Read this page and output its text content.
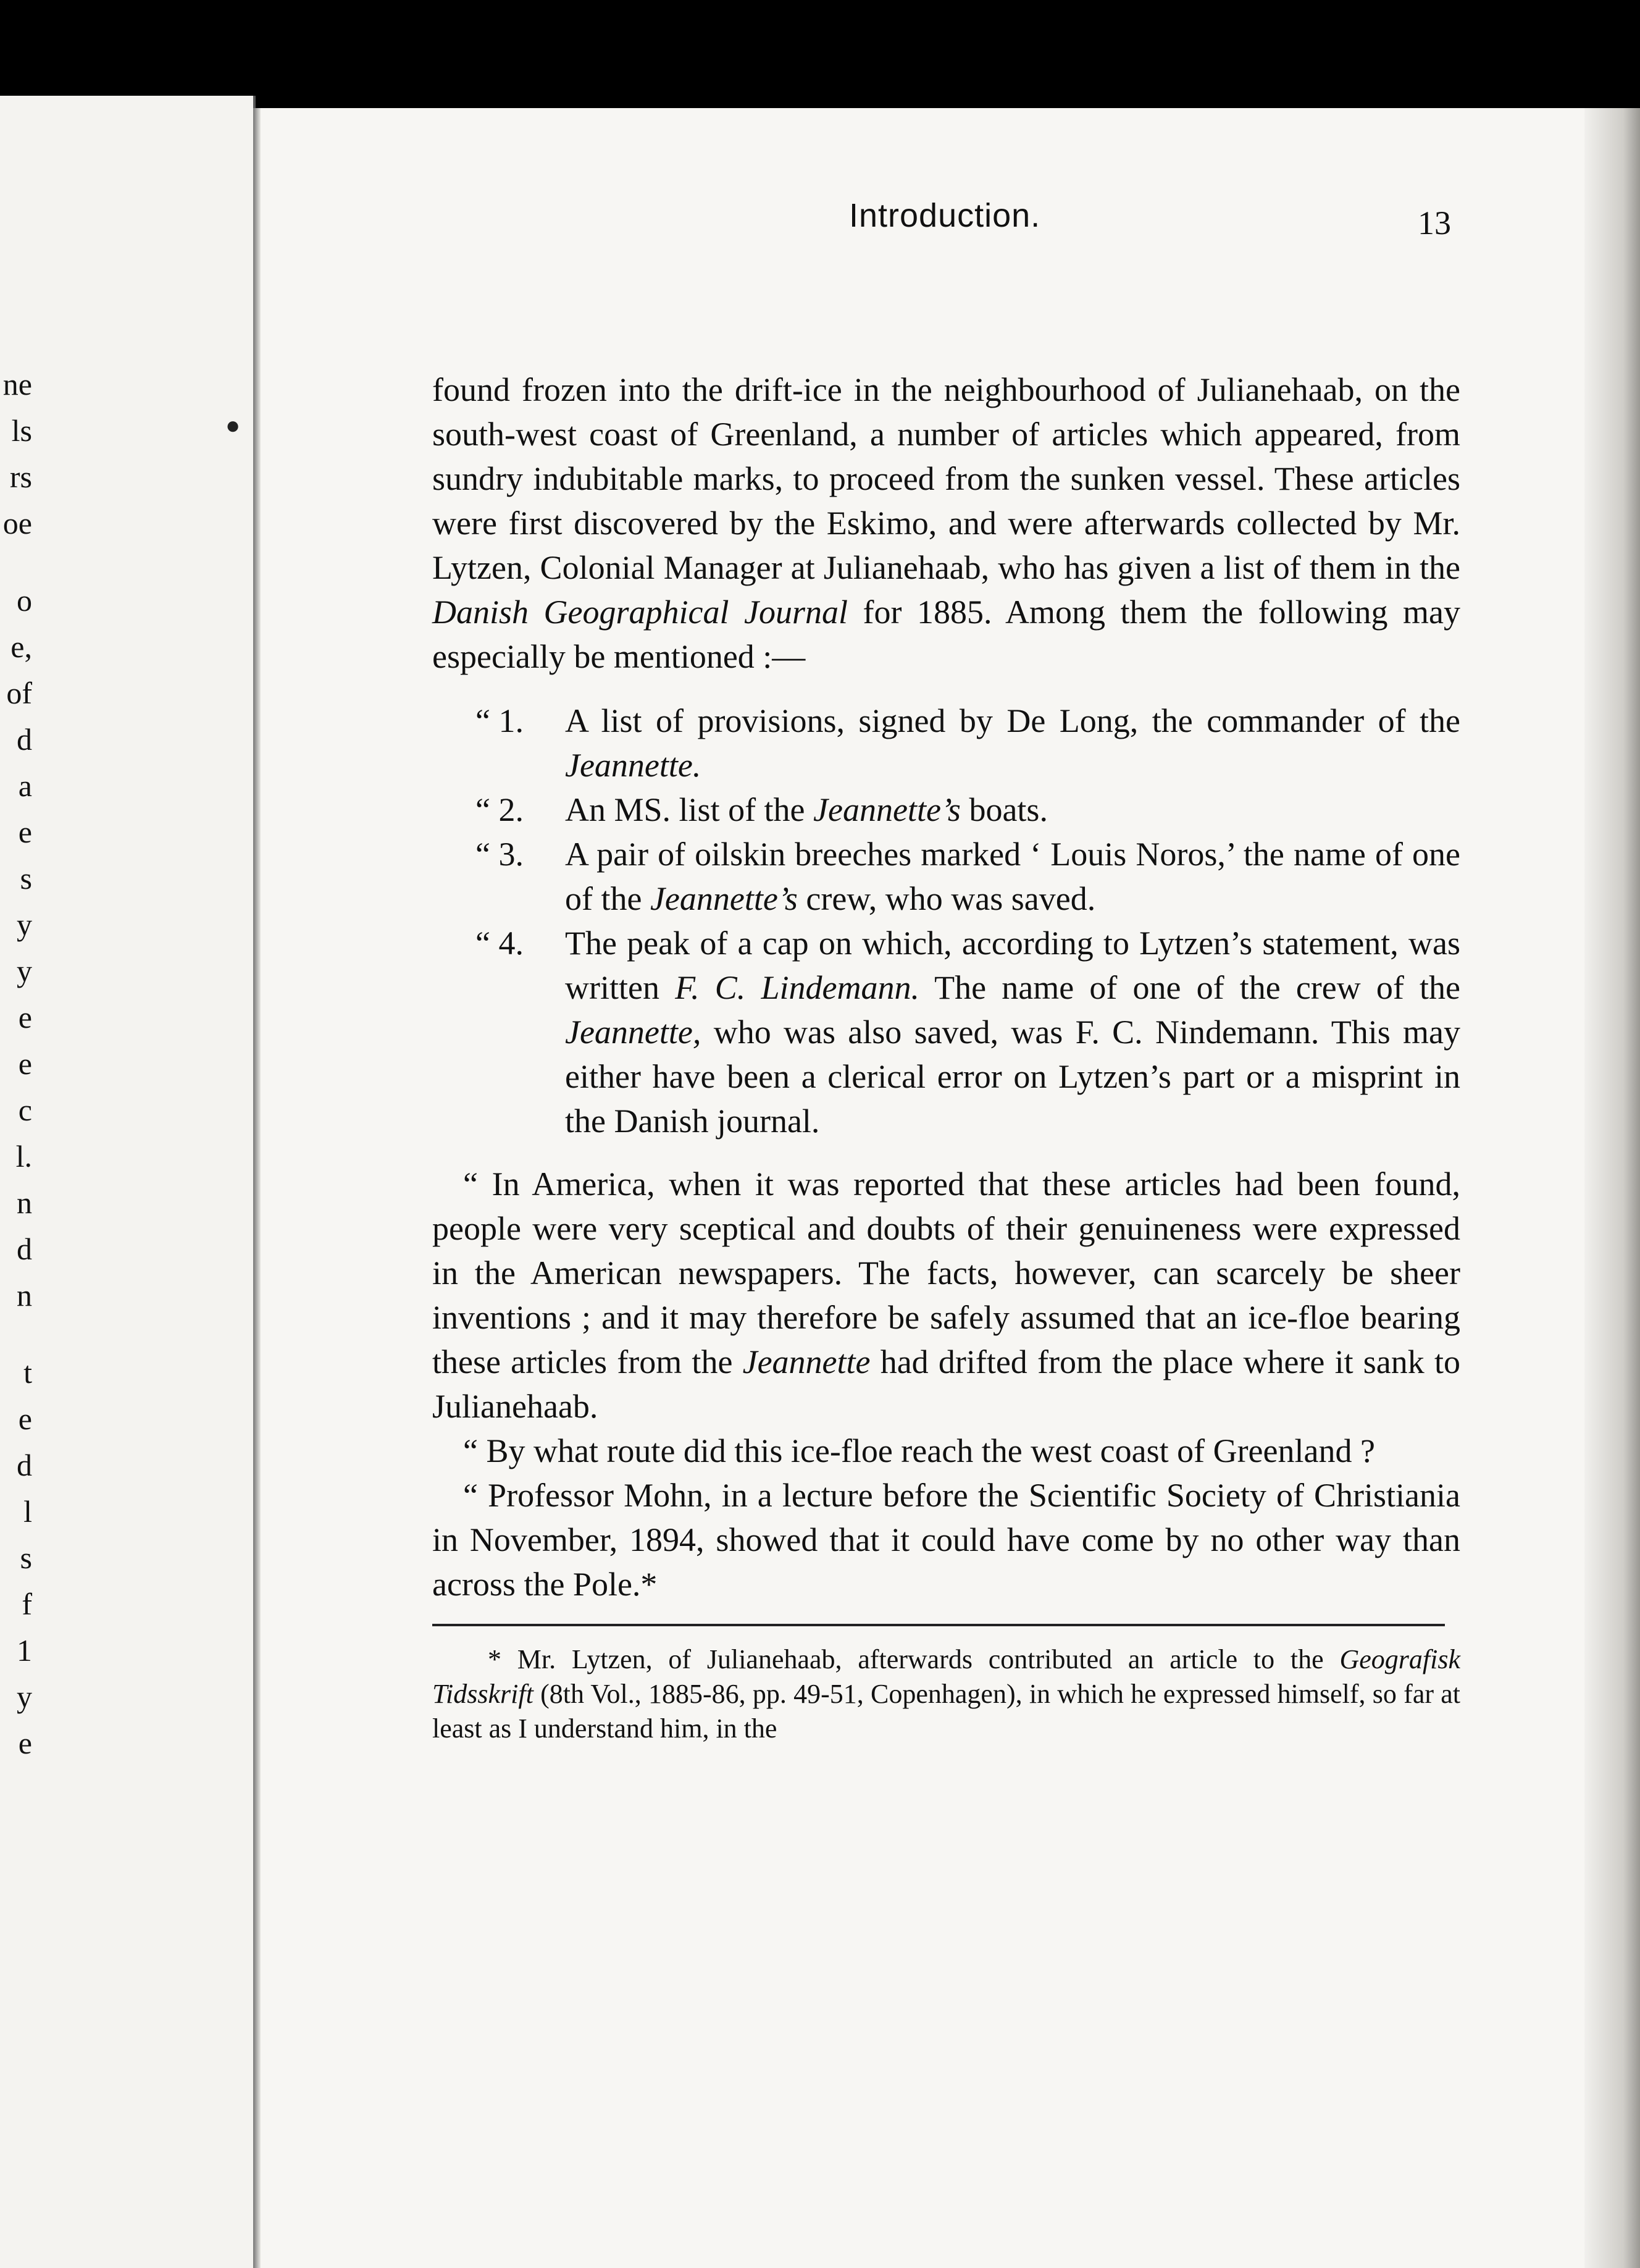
ne
ls
rs
oe
o
e,
of
d
a
e
s
y
y
e
e
c
l.
n
d
n
t
e
d
l
s
f
1
y
e
●
Introduction.	13

found frozen into the drift-ice in the neighbourhood of Julianehaab, on the south-west coast of Greenland, a number of articles which appeared, from sundry indubitable marks, to proceed from the sunken vessel. These articles were first discovered by the Eskimo, and were afterwards collected by Mr. Lytzen, Colonial Manager at Julianehaab, who has given a list of them in the Danish Geographical Journal for 1885. Among them the following may especially be mentioned :—

“ 1.	A list of provisions, signed by De Long, the commander of the Jeannette.
“ 2.	An MS. list of the Jeannette’s boats.
“ 3.	A pair of oilskin breeches marked ‘ Louis Noros,’ the name of one of the Jeannette’s crew, who was saved.
“ 4.	The peak of a cap on which, according to Lytzen’s statement, was written F. C. Lindemann. The name of one of the crew of the Jeannette, who was also saved, was F. C. Nindemann. This may either have been a clerical error on Lytzen’s part or a misprint in the Danish journal.

“ In America, when it was reported that these articles had been found, people were very sceptical and doubts of their genuineness were expressed in the American newspapers. The facts, however, can scarcely be sheer inventions ; and it may therefore be safely assumed that an ice-floe bearing these articles from the Jeannette had drifted from the place where it sank to Julianehaab.

“ By what route did this ice-floe reach the west coast of Greenland ?

“ Professor Mohn, in a lecture before the Scientific Society of Christiania in November, 1894, showed that it could have come by no other way than across the Pole.*

* Mr. Lytzen, of Julianehaab, afterwards contributed an article to the Geografisk Tidsskrift (8th Vol., 1885-86, pp. 49-51, Copenhagen), in which he expressed himself, so far at least as I understand him, in the
